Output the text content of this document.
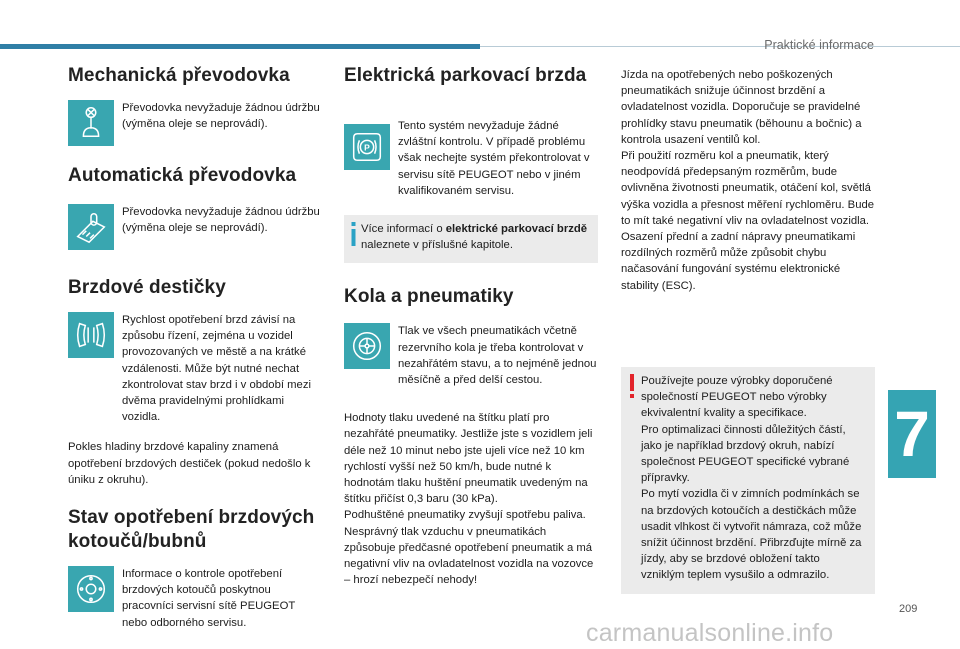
Praktické informace
Mechanická převodovka
Převodovka nevyžaduje žádnou údržbu (výměna oleje se neprovádí).
Automatická převodovka
Převodovka nevyžaduje žádnou údržbu (výměna oleje se neprovádí).
Brzdové destičky
Rychlost opotřebení brzd závisí na způsobu řízení, zejména u vozidel provozovaných ve městě a na krátké vzdálenosti. Může být nutné nechat zkontrolovat stav brzd i v období mezi dvěma pravidelnými prohlídkami vozidla.
Pokles hladiny brzdové kapaliny znamená opotřebení brzdových destiček (pokud nedošlo k úniku z okruhu).
Stav opotřebení brzdových kotoučů/bubnů
Informace o kontrole opotřebení brzdových kotoučů poskytnou pracovníci servisní sítě PEUGEOT nebo odborného servisu.
Elektrická parkovací brzda
P
Tento systém nevyžaduje žádné zvláštní kontrolu. V případě problému však nechejte systém překontrolovat v servisu sítě PEUGEOT nebo v jiném kvalifikovaném servisu.
Více informací o elektrické parkovací brzdě naleznete v příslušné kapitole.
Kola a pneumatiky
Tlak ve všech pneumatikách včetně rezervního kola je třeba kontrolovat v nezahřátém stavu, a to nejméně jednou měsíčně a před delší cestou.
Hodnoty tlaku uvedené na štítku platí pro nezahřáté pneumatiky. Jestliže jste s vozidlem jeli déle než 10 minut nebo jste ujeli více než 10 km rychlostí vyšší než 50 km/h, bude nutné k hodnotám tlaku huštění pneumatik uvedeným na štítku přičíst 0,3 baru (30 kPa).
Podhuštěné pneumatiky zvyšují spotřebu paliva. Nesprávný tlak vzduchu v pneumatikách způsobuje předčasné opotřebení pneumatik a má negativní vliv na ovladatelnost vozidla na vozovce – hrozí nebezpečí nehody!
Jízda na opotřebených nebo poškozených pneumatikách snižuje účinnost brzdění a ovladatelnost vozidla. Doporučuje se pravidelné prohlídky stavu pneumatik (běhounu a bočnic) a kontrola usazení ventilů kol.
Při použití rozměru kol a pneumatik, který neodpovídá předepsaným rozměrům, bude ovlivněna životnosti pneumatik, otáčení kol, světlá výška vozidla a přesnost měření rychloměru. Bude to mít také negativní vliv na ovladatelnost vozidla.
Osazení přední a zadní nápravy pneumatikami rozdílných rozměrů může způsobit chybu načasování fungování systému elektronické stability (ESC).
Používejte pouze výrobky doporučené společností PEUGEOT nebo výrobky ekvivalentní kvality a specifikace.
Pro optimalizaci činnosti důležitých částí, jako je například brzdový okruh, nabízí společnost PEUGEOT specifické vybrané přípravky.
Po mytí vozidla či v zimních podmínkách se na brzdových kotoučích a destičkách může usadit vlhkost či vytvořit námraza, což může snížit účinnost brzdění. Přibrzďujte mírně za jízdy, aby se brzdové obložení takto vzniklým teplem vysušilo a odmrazilo.
7
209
carmanualsonline.info
